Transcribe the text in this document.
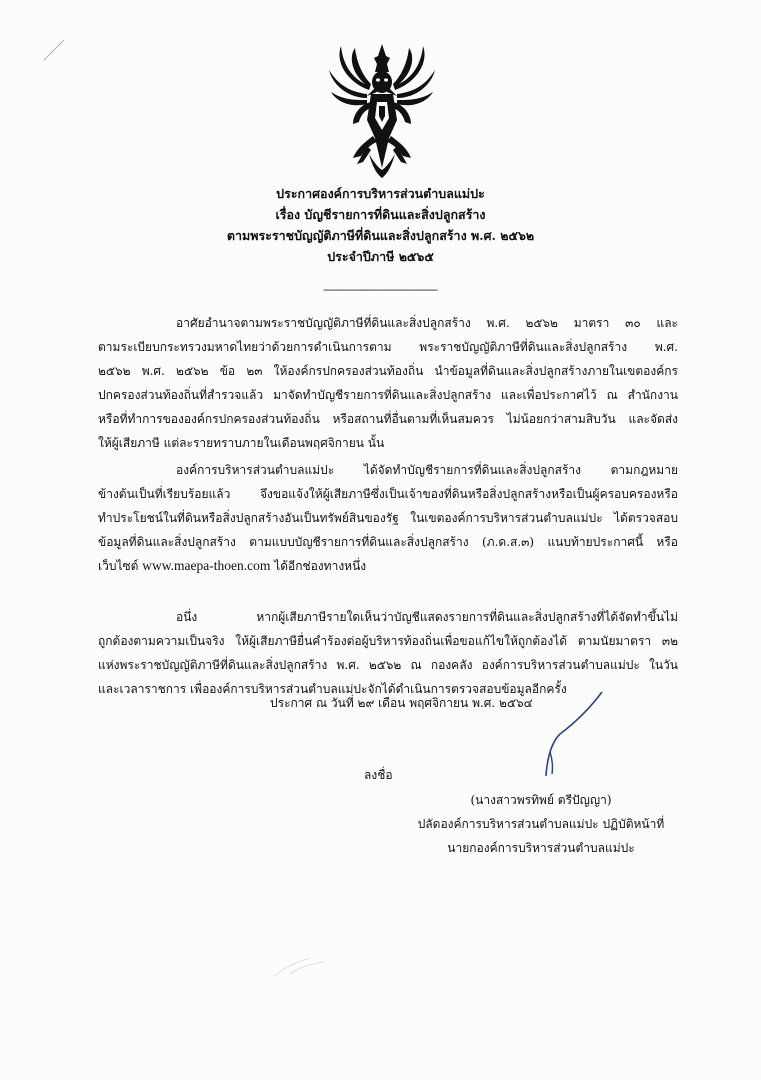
ประกาศองค์การบริหารส่วนตำบลแม่ปะ
เรื่อง บัญชีรายการที่ดินและสิ่งปลูกสร้าง
ตามพระราชบัญญัติภาษีที่ดินและสิ่งปลูกสร้าง พ.ศ. ๒๕๖๒
ประจำปีภาษี ๒๕๖๕
------------------------------------------
อาศัยอำนาจตามพระราชบัญญัติภาษีที่ดินและสิ่งปลูกสร้าง พ.ศ. ๒๕๖๒ มาตรา ๓๐ และ
ตามระเบียบกระทรวงมหาดไทยว่าด้วยการดำเนินการตาม พระราชบัญญัติภาษีที่ดินและสิ่งปลูกสร้าง พ.ศ.
๒๕๖๒ พ.ศ. ๒๕๖๒ ข้อ ๒๓ ให้องค์กรปกครองส่วนท้องถิ่น นำข้อมูลที่ดินและสิ่งปลูกสร้างภายในเขตองค์กร
ปกครองส่วนท้องถิ่นที่สำรวจแล้ว มาจัดทำบัญชีรายการที่ดินและสิ่งปลูกสร้าง และเพื่อประกาศไว้ ณ สำนักงาน
หรือที่ทำการขององค์กรปกครองส่วนท้องถิ่น หรือสถานที่อื่นตามที่เห็นสมควร ไม่น้อยกว่าสามสิบวัน และจัดส่ง
ให้ผู้เสียภาษี แต่ละรายทราบภายในเดือนพฤศจิกายน นั้น
องค์การบริหารส่วนตำบลแม่ปะ ได้จัดทำบัญชีรายการที่ดินและสิ่งปลูกสร้าง ตามกฎหมาย
ข้างต้นเป็นที่เรียบร้อยแล้ว จึงขอแจ้งให้ผู้เสียภาษีซึ่งเป็นเจ้าของที่ดินหรือสิ่งปลูกสร้างหรือเป็นผู้ครอบครองหรือ
ทำประโยชน์ในที่ดินหรือสิ่งปลูกสร้างอันเป็นทรัพย์สินของรัฐ ในเขตองค์การบริหารส่วนตำบลแม่ปะ ได้ตรวจสอบ
ข้อมูลที่ดินและสิ่งปลูกสร้าง ตามแบบบัญชีรายการที่ดินและสิ่งปลูกสร้าง (ภ.ด.ส.๓) แนบท้ายประกาศนี้ หรือ
เว็บไซต์ www.maepa-thoen.com ได้อีกช่องทางหนึ่ง
อนึ่ง หากผู้เสียภาษีรายใดเห็นว่าบัญชีแสดงรายการที่ดินและสิ่งปลูกสร้างที่ได้จัดทำขึ้นไม่
ถูกต้องตามความเป็นจริง ให้ผู้เสียภาษียื่นคำร้องต่อผู้บริหารท้องถิ่นเพื่อขอแก้ไขให้ถูกต้องได้ ตามนัยมาตรา ๓๒
แห่งพระราชบัญญัติภาษีที่ดินและสิ่งปลูกสร้าง พ.ศ. ๒๕๖๒ ณ กองคลัง องค์การบริหารส่วนตำบลแม่ปะ ในวัน
และเวลาราชการ เพื่อองค์การบริหารส่วนตำบลแม่ปะจักได้ดำเนินการตรวจสอบข้อมูลอีกครั้ง
ประกาศ ณ วันที่ ๒๙ เดือน พฤศจิกายน พ.ศ. ๒๕๖๔
ลงชื่อ
(นางสาวพรทิพย์ ตรีปัญญา)
ปลัดองค์การบริหารส่วนตำบลแม่ปะ ปฏิบัติหน้าที่
นายกองค์การบริหารส่วนตำบลแม่ปะ
